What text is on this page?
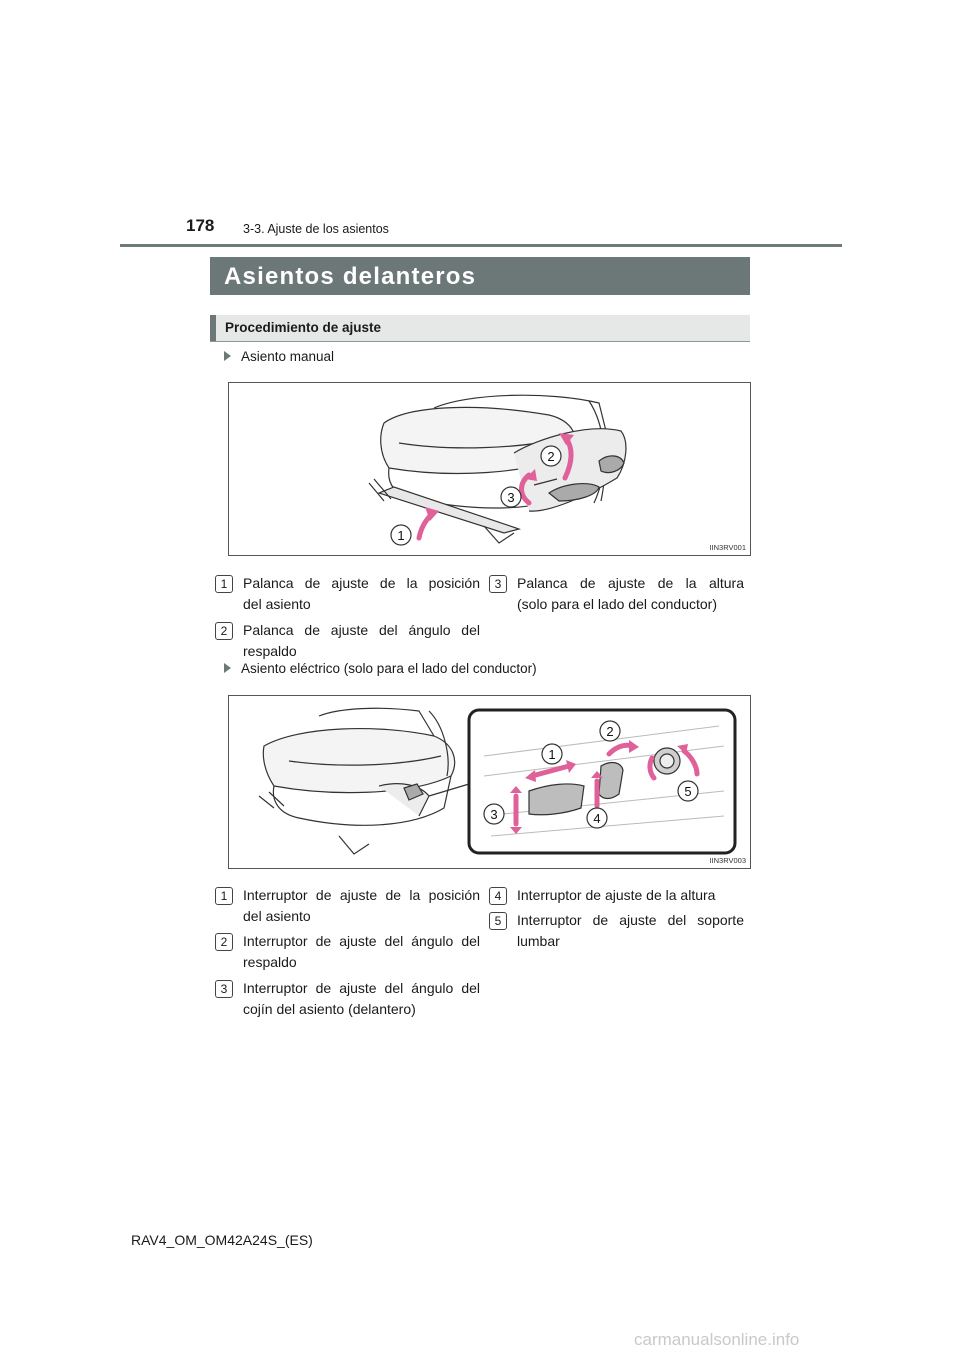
178 3-3. Ajuste de los asientos
Asientos delanteros
Procedimiento de ajuste
Asiento manual
1
2
3
IIN3RV001
1	Palanca de ajuste de la posición
del asiento
2	Palanca de ajuste del ángulo del
respaldo
3	Palanca de ajuste de la altura
(solo para el lado del conductor)
Asiento eléctrico (solo para el lado del conductor)
1
2
3	4
5
IIN3RV003
1	Interruptor de ajuste de la posición
del asiento
2	Interruptor de ajuste del ángulo del
respaldo
3	Interruptor de ajuste del ángulo del
cojín del asiento (delantero)
4	Interruptor de ajuste de la altura
5	Interruptor de ajuste del soporte
lumbar
RAV4_OM_OM42A24S_(ES)
carmanualsonline.info
